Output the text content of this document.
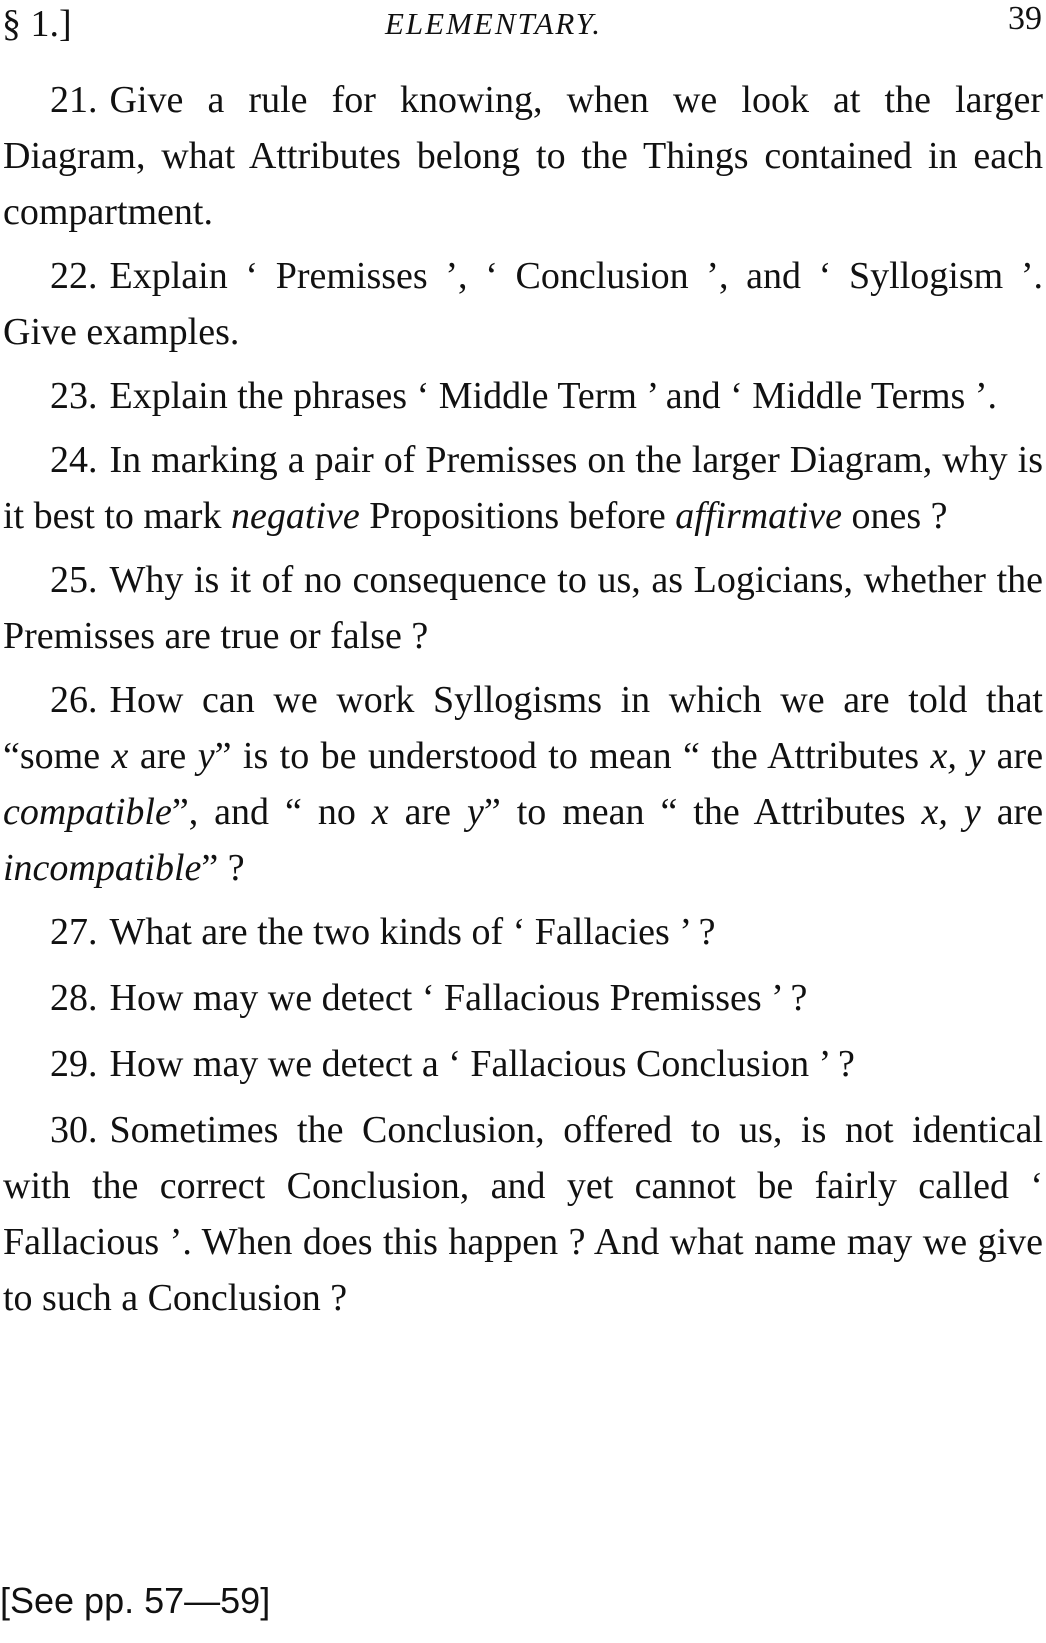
§ 1.]	ELEMENTARY.	39

21. Give a rule for knowing, when we look at the larger Diagram, what Attributes belong to the Things contained in each compartment.

22. Explain ‘ Premisses ’, ‘ Conclusion ’, and ‘ Syllogism ’. Give examples.

23. Explain the phrases ‘ Middle Term ’ and ‘ Middle Terms ’.

24. In marking a pair of Premisses on the larger Diagram, why is it best to mark negative Propositions before affirmative ones ?

25. Why is it of no consequence to us, as Logicians, whether the Premisses are true or false ?

26. How can we work Syllogisms in which we are told that “some x are y” is to be understood to mean “ the Attributes x, y are compatible”, and “ no x are y” to mean “ the Attributes x, y are incompatible” ?

27. What are the two kinds of ‘ Fallacies ’ ?

28. How may we detect ‘ Fallacious Premisses ’ ?

29. How may we detect a ‘ Fallacious Conclusion ’ ?

30. Sometimes the Conclusion, offered to us, is not identical with the correct Conclusion, and yet cannot be fairly called ‘ Fallacious ’. When does this happen ? And what name may we give to such a Conclusion ?

[See pp. 57—59]
